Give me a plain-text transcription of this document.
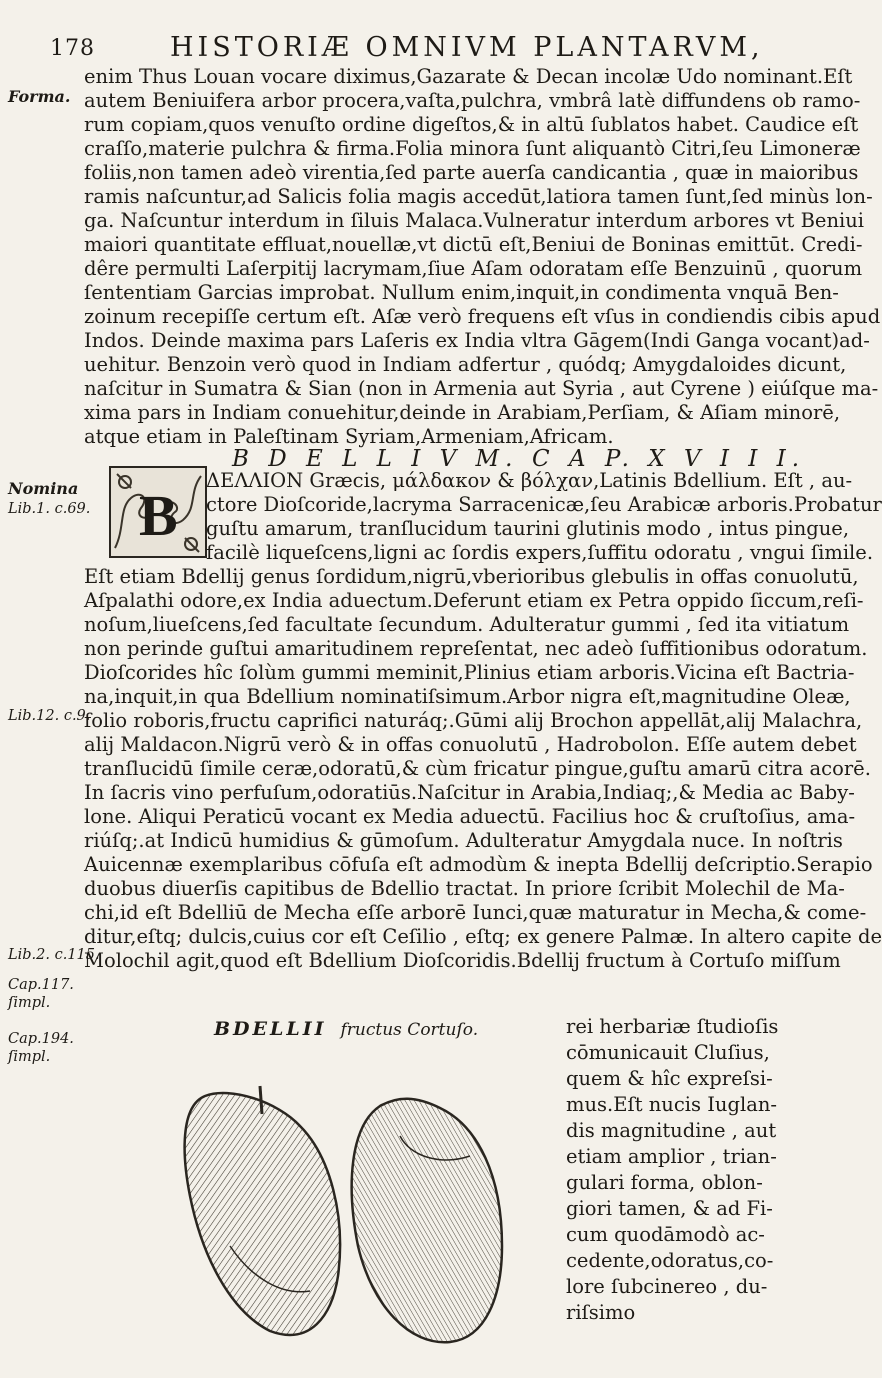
178	HISTORIÆ OMNIVM PLANTARVM,
Forma.
Nomina
Lib.1. c.69.
Lib.12. c.9.
Lib.2. c.115.
Cap.117.
ſimpl.
Cap.194.
ſimpl.
enim Thus Louan vocare diximus,Gazarate & Decan incolæ Udo nominant.Eſt
autem Beniuifera arbor procera,vaſta,pulchra, vmbrâ latè diffundens ob ramo-
rum copiam,quos venuſto ordine digeſtos,& in altū ſublatos habet. Caudice eſt
craſſo,materie pulchra & firma.Folia minora ſunt aliquantò Citri,ſeu Limoneræ
foliis,non tamen adeò virentia,ſed parte auerſa candicantia , quæ in maioribus
ramis naſcuntur,ad Salicis folia magis accedūt,latiora tamen ſunt,ſed minùs lon-
ga. Naſcuntur interdum in ſiluis Malaca.Vulneratur interdum arbores vt Beniui
maiori quantitate effluat,nouellæ,vt dictū eſt,Beniui de Boninas emittūt. Credi-
dêre permulti Laſerpitij lacrymam,ſiue Aſam odoratam eſſe Benzuinū , quorum
ſententiam Garcias improbat. Nullum enim,inquit,in condimenta vnquā Ben-
zoinum recepiſſe certum eſt. Aſæ verò frequens eſt vſus in condiendis cibis apud
Indos. Deinde maxima pars Laſeris ex India vltra Gāgem(Indi Ganga vocant)ad-
uehitur. Benzoin verò quod in Indiam adfertur , quódq; Amygdaloides dicunt,
naſcitur in Sumatra & Sian (non in Armenia aut Syria , aut Cyrene ) eiúſque ma-
xima pars in Indiam conuehitur,deinde in Arabiam,Perſiam, & Aſiam minorē,
atque etiam in Paleſtinam Syriam,Armeniam,Africam.
B D E L L I V M. C A P. X V I I I.
B
ΔΕΛΛΙΟΝ Græcis, μάλδακον & βόλχαν,Latinis Bdellium. Eſt , au-
ctore Dioſcoride,lacryma Sarracenicæ,ſeu Arabicæ arboris.Probatur
guſtu amarum, tranſlucidum taurini glutinis modo , intus pingue,
facilè liqueſcens,ligni ac ſordis expers,ſuffitu odoratu , vngui ſimile.
Eſt etiam Bdellij genus ſordidum,nigrū,vberioribus glebulis in offas conuolutū,
Aſpalathi odore,ex India aduectum.Deferunt etiam ex Petra oppido ſiccum,reſi-
noſum,liueſcens,ſed facultate ſecundum. Adulteratur gummi , ſed ita vitiatum
non perinde guſtui amaritudinem repreſentat, nec adeò ſuffitionibus odoratum.
Dioſcorides hîc ſolùm gummi meminit,Plinius etiam arboris.Vicina eſt Bactria-
na,inquit,in qua Bdellium nominatiſsimum.Arbor nigra eſt,magnitudine Oleæ,
folio roboris,fructu caprifici naturáq;.Gūmi alij Brochon appellāt,alij Malachra,
alij Maldacon.Nigrū verò & in offas conuolutū , Hadrobolon. Eſſe autem debet
tranſlucidū ſimile ceræ,odoratū,& cùm fricatur pingue,guſtu amarū citra acorē.
In ſacris vino perfuſum,odoratiūs.Naſcitur in Arabia,Indiaq;,& Media ac Baby-
lone. Aliqui Peraticū vocant ex Media aduectū. Facilius hoc & cruſtoſius, ama-
riúſq;.at Indicū humidius & gūmoſum. Adulteratur Amygdala nuce. In noſtris
Auicennæ exemplaribus cōfuſa eſt admodùm & inepta Bdellij deſcriptio.Serapio
duobus diuerſis capitibus de Bdellio tractat. In priore ſcribit Molechil de Ma-
chi,id eſt Bdelliū de Mecha eſſe arborē Iunci,quæ maturatur in Mecha,& come-
ditur,eſtq; dulcis,cuius cor eſt Ceſilio , eſtq; ex genere Palmæ. In altero capite de
Molochil agit,quod eſt Bdellium Dioſcoridis.Bdellij fructum à Cortuſo miſſum
BDELLII fructus Cortuſo.	rei herbariæ ſtudioſis
cōmunicauit Cluſius,
quem & hîc expreſsi-
mus.Eſt nucis Iuglan-
dis magnitudine , aut
etiam amplior , trian-
gulari forma, oblon-
giori tamen, & ad Fi-
cum quodāmodò ac-
cedente,odoratus,co-
lore ſubcinereo , du-
riſsimo
